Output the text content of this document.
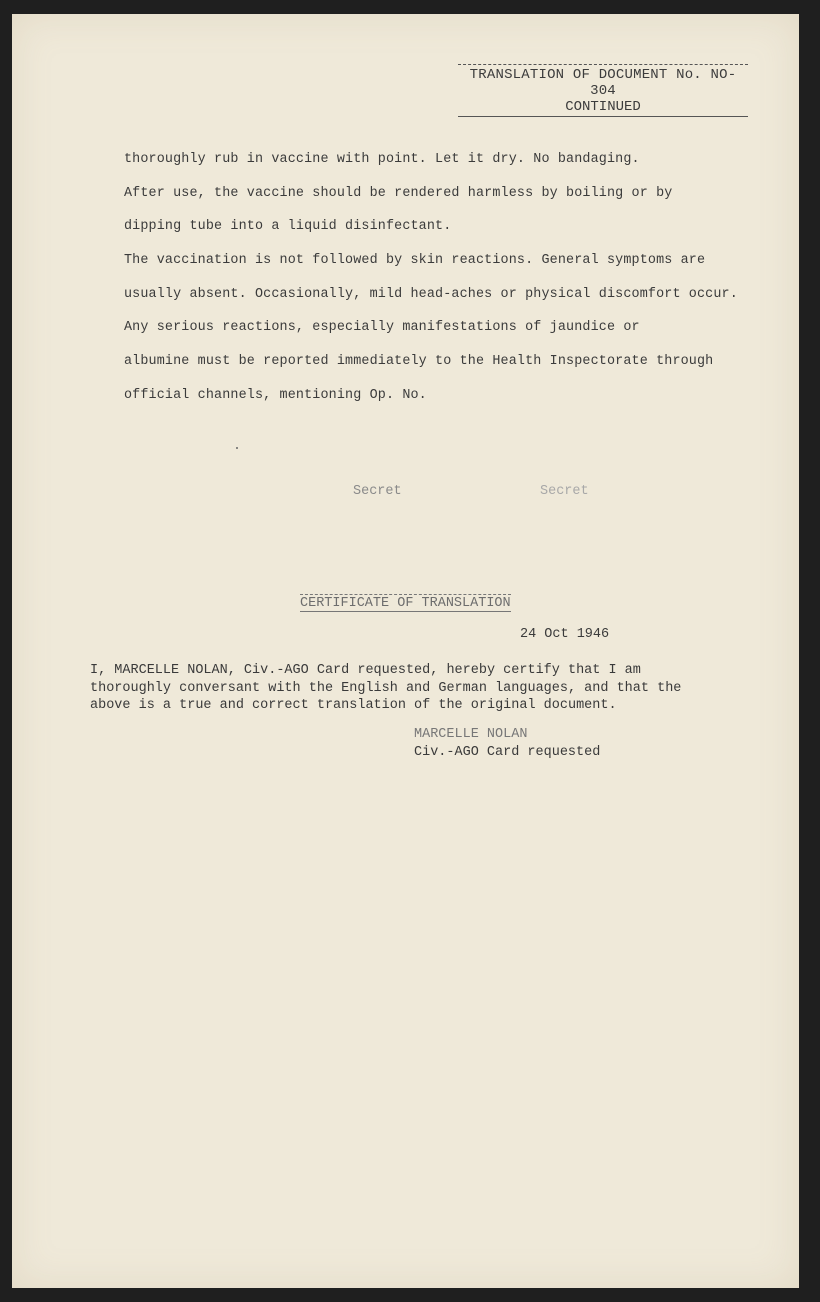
TRANSLATION OF DOCUMENT No. NO-304
CONTINUED
thoroughly rub in vaccine with point. Let it dry. No bandaging.
After use, the vaccine should be rendered harmless by boiling or by
dipping tube into a liquid disinfectant.
The vaccination is not followed by skin reactions. General symptoms are
usually absent. Occasionally, mild head-aches or physical discomfort occur.
Any serious reactions, especially manifestations of jaundice or
albumine must be reported immediately to the Health Inspectorate through
official channels, mentioning Op. No.
Secret	Secret
CERTIFICATE OF TRANSLATION
24 Oct 1946
I, MARCELLE NOLAN, Civ.-AGO Card requested, hereby certify that I am
thoroughly conversant with the English and German languages, and that the
above is a true and correct translation of the original document.
MARCELLE NOLAN
Civ.-AGO Card requested
